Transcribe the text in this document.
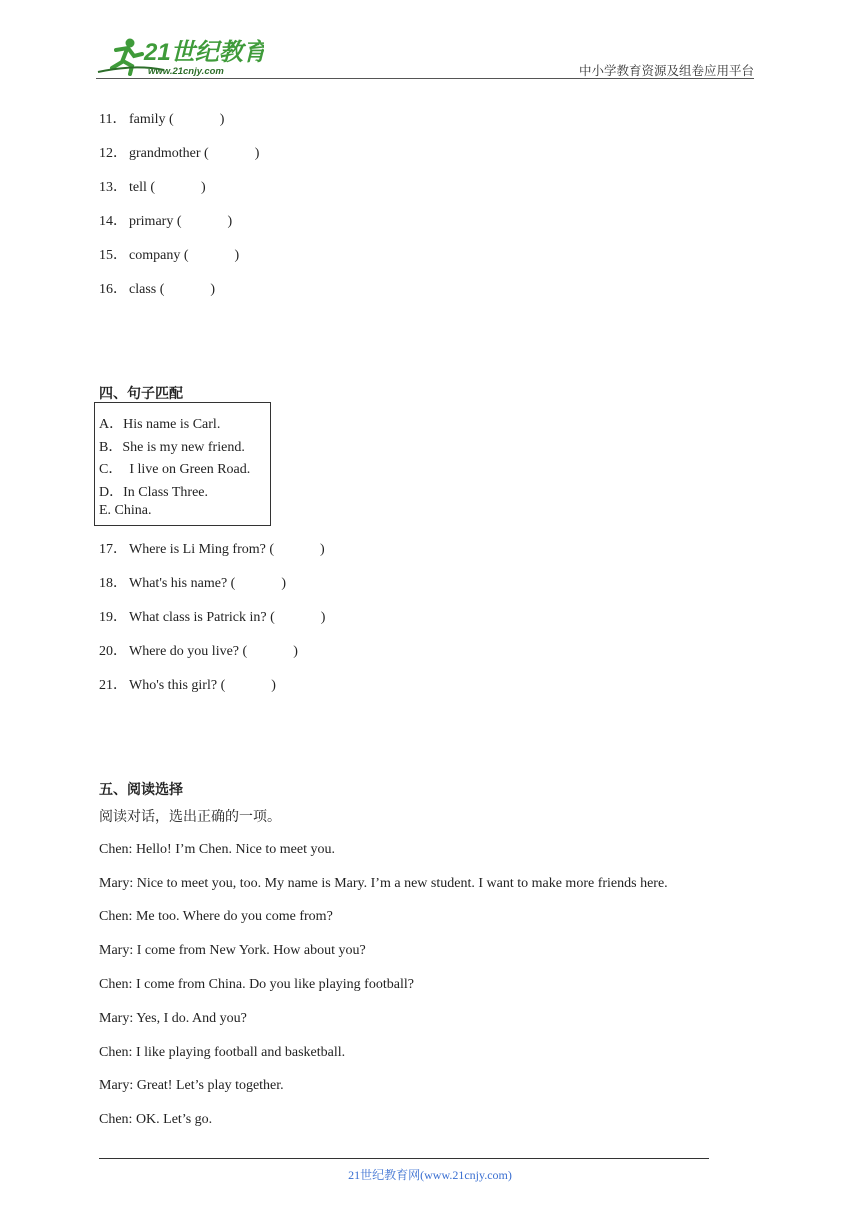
21世纪教育
www.21cnjy.com	中小学教育资源及组卷应用平台
11． family (	)
12． grandmother (	)
13． tell (	)
14． primary (	)
15． company (	)
16． class (	)
四、句子匹配
A．His name is Carl.
B．She is my new friend.
C．  I live on Green Road.
D．In Class Three.
E. China.
17． Where is Li Ming from? (	)
18． What's his name? (	)
19． What class is Patrick in? (	)
20． Where do you live? (	)
21． Who's this girl? (	)
五、阅读选择
阅读对话，选出正确的一项。
Chen: Hello! I’m Chen. Nice to meet you.
Mary: Nice to meet you, too. My name is Mary. I’m a new student. I want to make more friends here.
Chen: Me too. Where do you come from?
Mary: I come from New York. How about you?
Chen: I come from China. Do you like playing football?
Mary: Yes, I do. And you?
Chen: I like playing football and basketball.
Mary: Great! Let’s play together.
Chen: OK. Let’s go.
21世纪教育网(www.21cnjy.com)
